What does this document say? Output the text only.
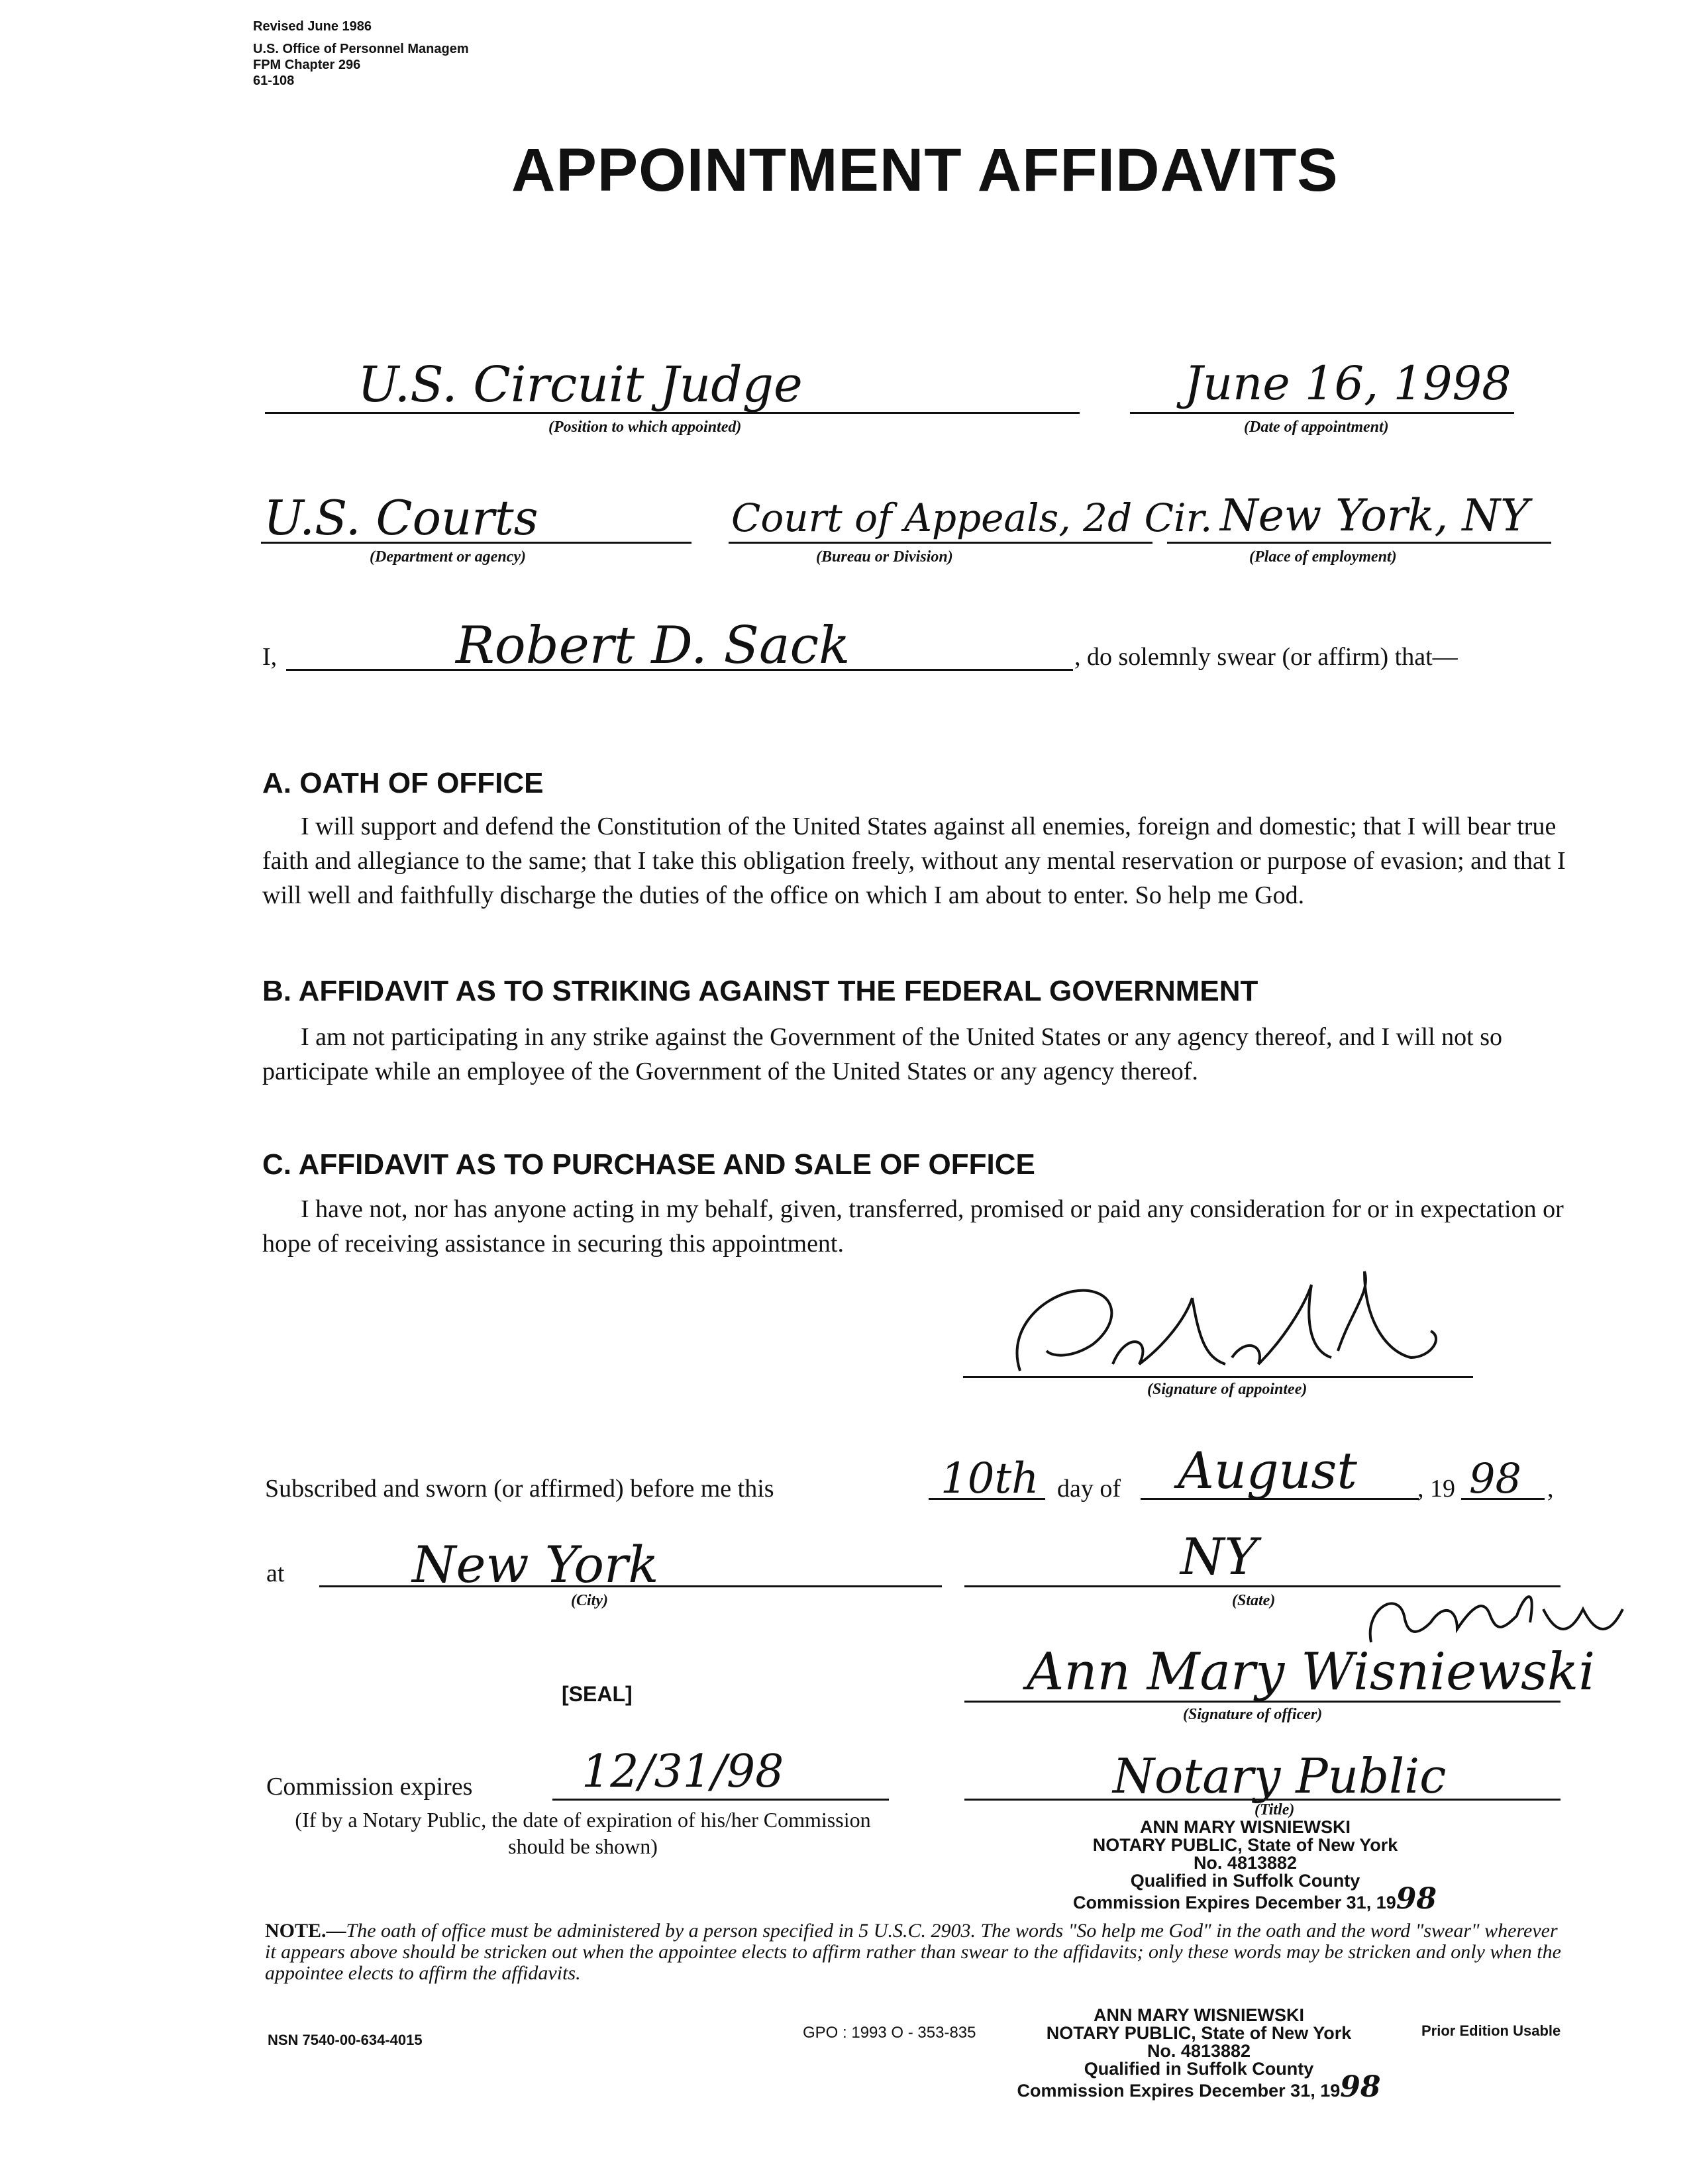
Revised June 1986
U.S. Office of Personnel Managem
FPM Chapter 296
61-108
APPOINTMENT AFFIDAVITS
U.S. Circuit Judge
(Position to which appointed)
June 16, 1998
(Date of appointment)
U.S. Courts
(Department or agency)
Court of Appeals, 2d Cir.
(Bureau or Division)
New York, NY
(Place of employment)
I,	Robert D. Sack	, do solemnly swear (or affirm) that—
A. OATH OF OFFICE
I will support and defend the Constitution of the United States against all enemies, foreign and domestic; that I will bear true faith and allegiance to the same; that I take this obligation freely, without any mental reservation or purpose of evasion; and that I will well and faithfully discharge the duties of the office on which I am about to enter. So help me God.
B. AFFIDAVIT AS TO STRIKING AGAINST THE FEDERAL GOVERNMENT
I am not participating in any strike against the Government of the United States or any agency thereof, and I will not so participate while an employee of the Government of the United States or any agency thereof.
C. AFFIDAVIT AS TO PURCHASE AND SALE OF OFFICE
I have not, nor has anyone acting in my behalf, given, transferred, promised or paid any consideration for or in expectation or hope of receiving assistance in securing this appointment.
(Signature of appointee)
Subscribed and sworn (or affirmed) before me this	10th day of August , 19 98 ,
at	New York
(City)
NY
(State)
[SEAL]	Ann Mary Wisniewski
(Signature of officer)
Commission expires 12/31/98
(If by a Notary Public, the date of expiration of his/her Commission should be shown)
Notary Public
(Title)
ANN MARY WISNIEWSKI
NOTARY PUBLIC, State of New York
No. 4813882
Qualified in Suffolk County
Commission Expires December 31, 1998
NOTE.—The oath of office must be administered by a person specified in 5 U.S.C. 2903. The words "So help me God" in the oath and the word "swear" wherever it appears above should be stricken out when the appointee elects to affirm rather than swear to the affidavits; only these words may be stricken and only when the appointee elects to affirm the affidavits.
NSN 7540-00-634-4015	GPO : 1993 O - 353-835	Prior Edition Usable
ANN MARY WISNIEWSKI
NOTARY PUBLIC, State of New York
No. 4813882
Qualified in Suffolk County
Commission Expires December 31, 1998
